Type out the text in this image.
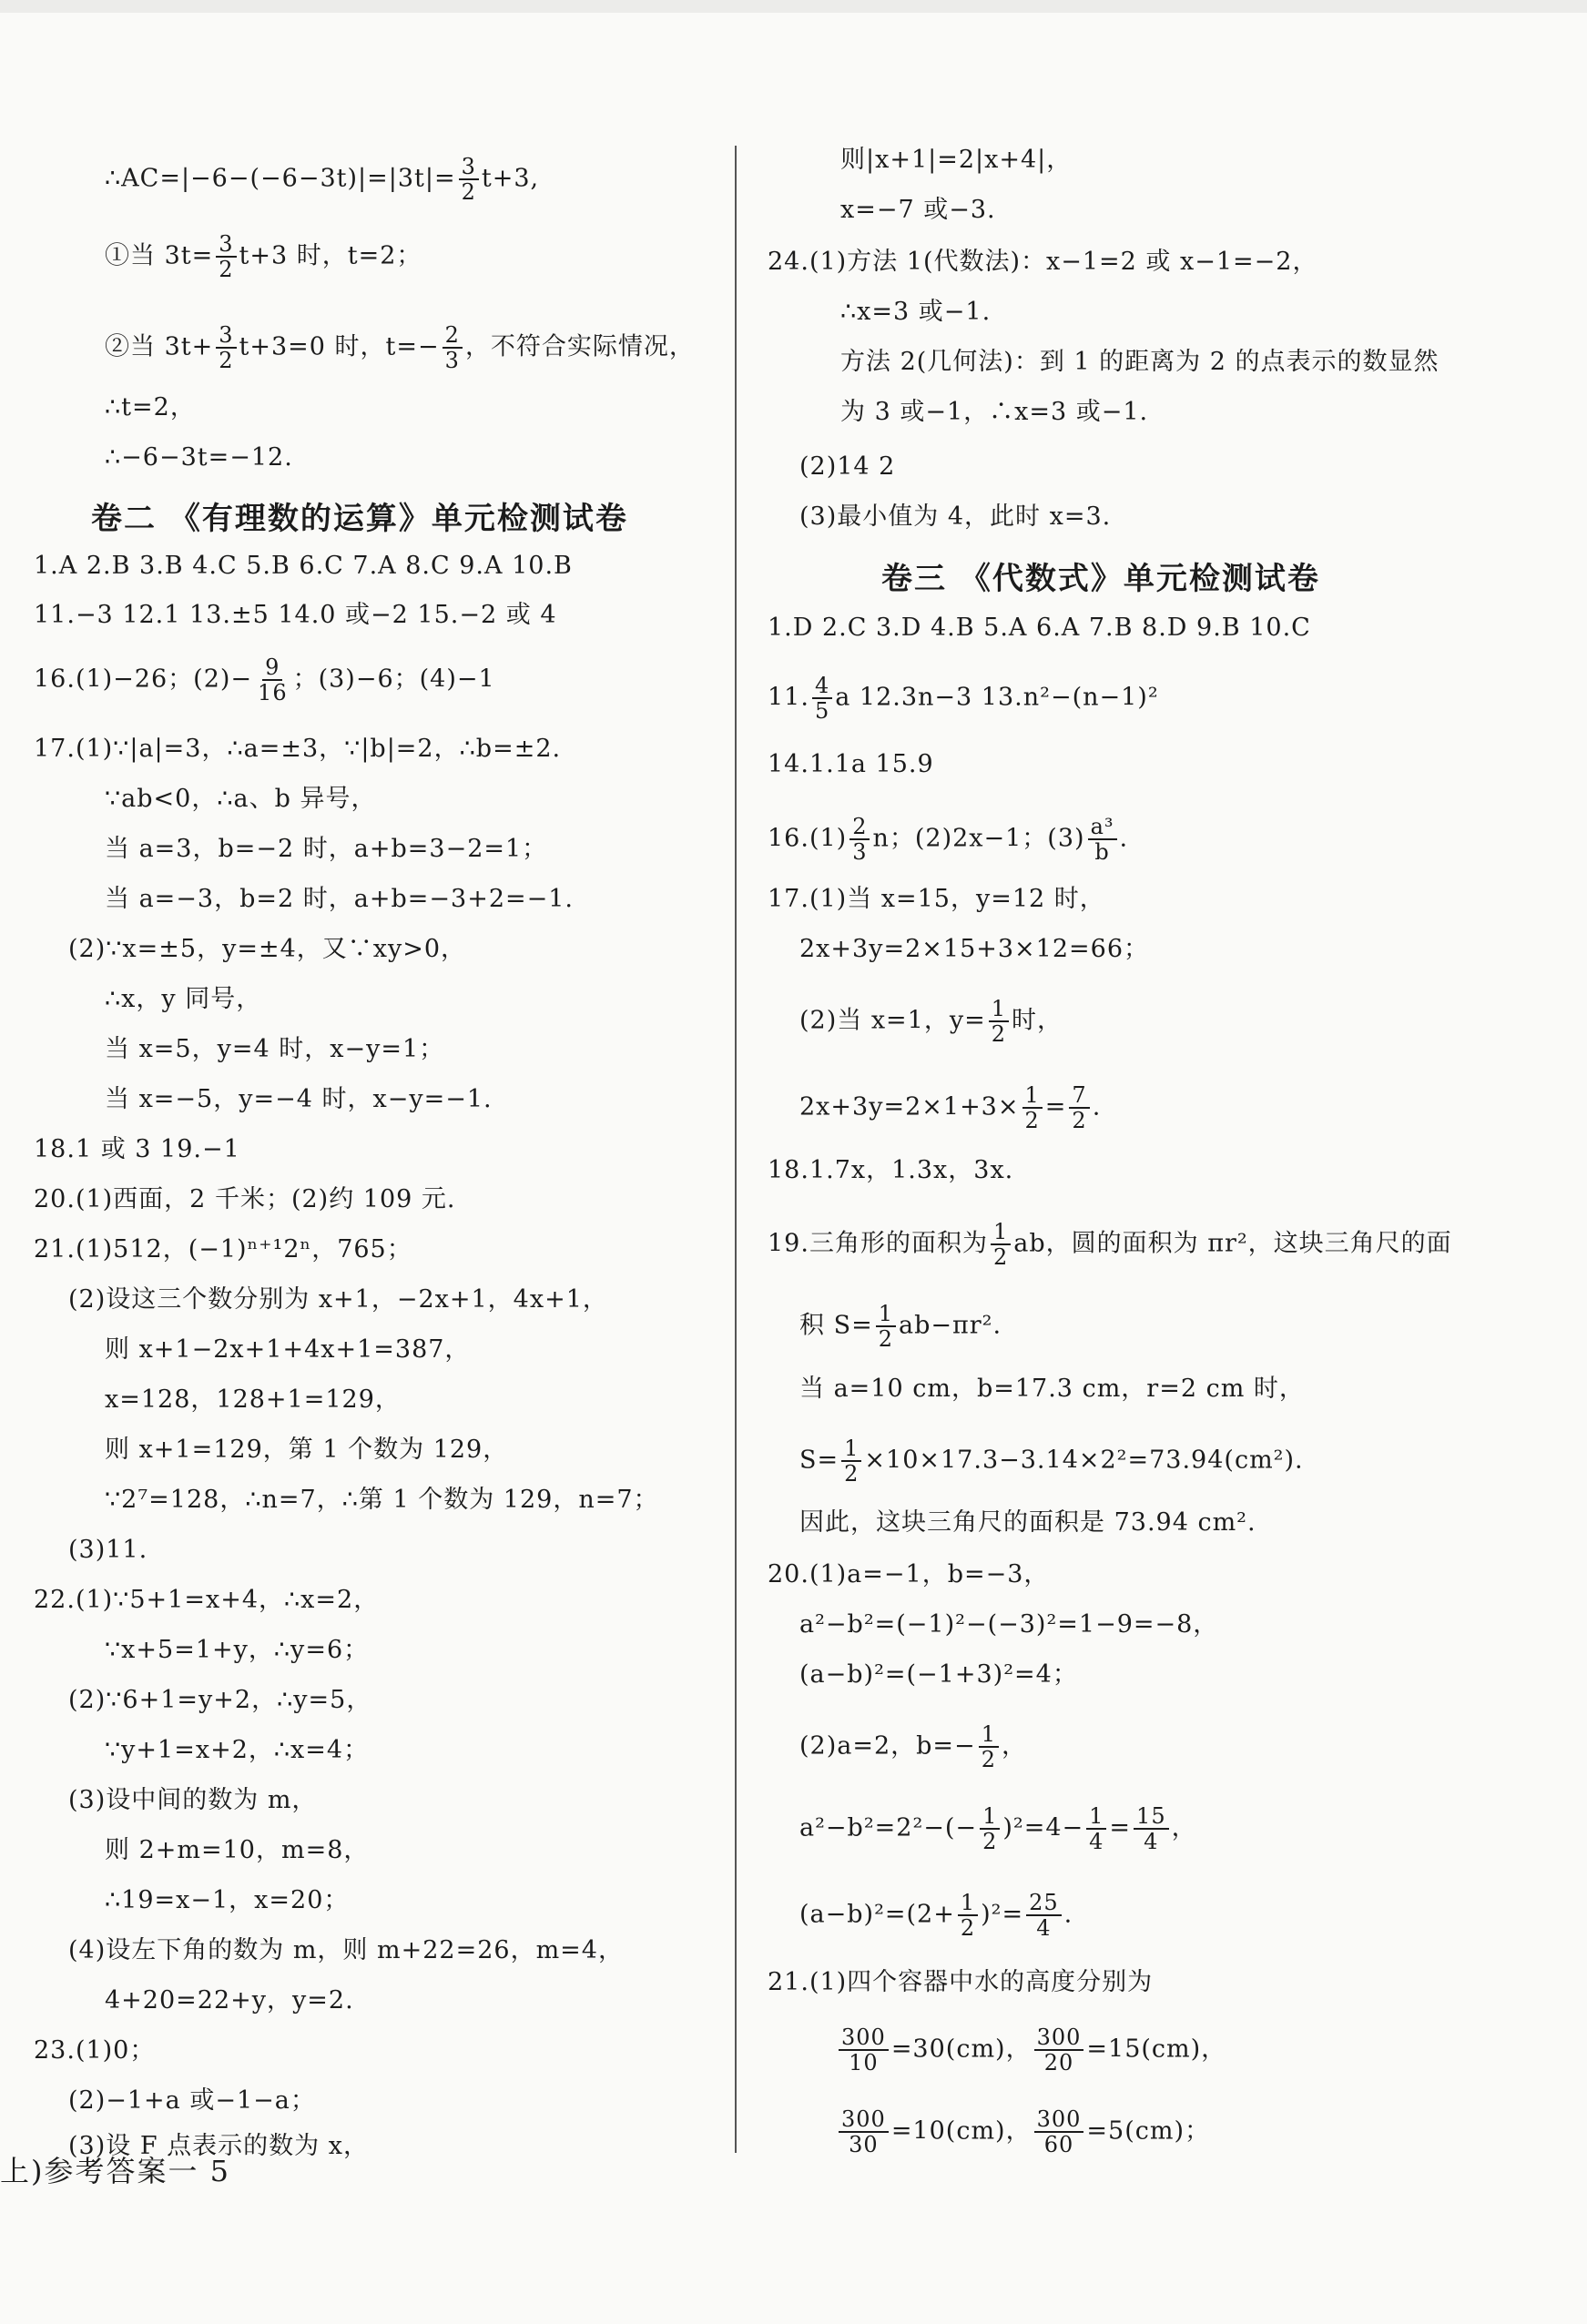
∴AC=|−6−(−6−3t)|=|3t|= $\frac{3}{2} t+3$,
①当 $3t= \frac{3}{2} t+3$ 时，t=2；
②当 $3t+ \frac{3}{2} t+3=0$ 时，$t=- \frac{2}{3}$ ，不符合实际情况，
∴t=2，
∴−6−3t=−12.
卷二 《有理数的运算》单元检测试卷
1.A 2.B 3.B 4.C 5.B 6.C 7.A 8.C 9.A 10.B
11.−3 12.1 13.±5 14.0 或−2 15.−2 或 4
16.(1)−26；$(2)- \frac{9}{16}$ ；(3)−6；(4)−1
17.(1)∵|a|=3，∴a=±3，∵|b|=2，∴b=±2.
∵ab<0，∴a、b 异号，
当 a=3，b=−2 时，a+b=3−2=1；
当 a=−3，b=2 时，a+b=−3+2=−1.
(2)∵x=±5，y=±4，又∵xy>0，
∴x，y 同号，
当 x=5，y=4 时，x−y=1；
当 x=−5，y=−4 时，x−y=−1.
18.1 或 3 19.−1
20.(1)西面，2 千米；(2)约 109 元.
21.(1)512，(−1)ⁿ⁺¹2ⁿ，765；
(2)设这三个数分别为 x+1，−2x+1，4x+1，
则 x+1−2x+1+4x+1=387，
x=128，128+1=129，
则 x+1=129，第 1 个数为 129，
∵2⁷=128，∴n=7，∴第 1 个数为 129，n=7；
(3)11.
22.(1)∵5+1=x+4，∴x=2，
∵x+5=1+y，∴y=6；
(2)∵6+1=y+2，∴y=5，
∵y+1=x+2，∴x=4；
(3)设中间的数为 m，
则 2+m=10，m=8，
∴19=x−1，x=20；
(4)设左下角的数为 m，则 m+22=26，m=4，
4+20=22+y，y=2.
23.(1)0；
(2)−1+a 或−1−a；
(3)设 F 点表示的数为 x，
则|x+1|=2|x+4|，
x=−7 或−3.
24.(1)方法 1(代数法)：x−1=2 或 x−1=−2，
∴x=3 或−1.
方法 2(几何法)：到 1 的距离为 2 的点表示的数显然
为 3 或−1，∴x=3 或−1.
(2)14 2
(3)最小值为 4，此时 x=3.
卷三 《代数式》单元检测试卷
1.D 2.C 3.D 4.B 5.A 6.A 7.B 8.D 9.B 10.C
11. $\frac{4}{5}$ a 12.3n−3 13.n²−(n−1)²
14.1.1a 15.9
$16.(1) \frac{2}{3}$ n；(2)2x−1；$(3) \frac{\text{a³}}{b}$ .
17.(1)当 x=15，y=12 时，
2x+3y=2×15+3×12=66；
(2)当 x=1，$y= \frac{1}{2}$ 时，
$2x+3y=2\times 1+3\times \frac{1}{2} = \frac{7}{2}$ .
18.1.7x，1.3x，3x.
19.三角形的面积为 $\frac{1}{2}$ ab，圆的面积为 πr²，这块三角尺的面
积 $S= \frac{1}{2} ab-\pi r^2$.
当 a=10 cm，b=17.3 cm，r=2 cm 时，
$S= \frac{1}{2} \times 10\times 17.3-3.14\times 2^2=73.94(cm^2)$.
因此，这块三角尺的面积是 73.94 cm².
20.(1)a=−1，b=−3，
a²−b²=(−1)²−(−3)²=1−9=−8，
(a−b)²=(−1+3)²=4；
(2)a=2，$b=- \frac{1}{2}$ ，
$a^2-b^2=2^2-(- \frac{1}{2} )^2=4- \frac{1}{4} = \frac{15}{4}$ ，
$(a-b)^2=(2+ \frac{1}{2} )^2= \frac{25}{4}$ .
21.(1)四个容器中水的高度分别为
$\frac{300}{10} =30(cm)$， $\frac{300}{20} =15(cm)$，
$\frac{300}{30} =10(cm)$， $\frac{300}{60} =5(cm)$；
上)参考答案一 5
